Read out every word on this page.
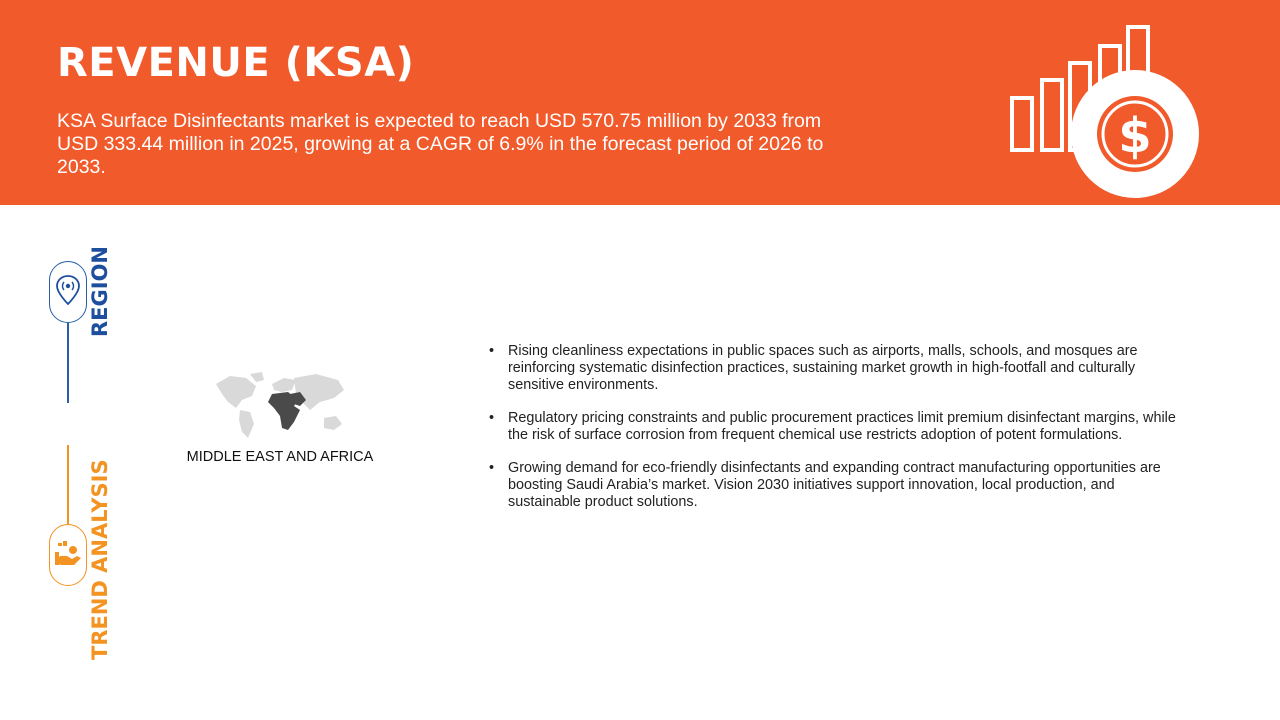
REVENUE (KSA)
KSA Surface Disinfectants market is expected to reach USD 570.75 million by 2033 from USD 333.44 million in 2025, growing at a CAGR of 6.9% in the forecast period of 2026 to 2033.
$
REGION
TREND ANALYSIS
MIDDLE EAST AND AFRICA
• Rising cleanliness expectations in public spaces such as airports, malls, schools, and mosques are reinforcing systematic disinfection practices, sustaining market growth in high-footfall and culturally sensitive environments.
• Regulatory pricing constraints and public procurement practices limit premium disinfectant margins, while the risk of surface corrosion from frequent chemical use restricts adoption of potent formulations.
• Growing demand for eco-friendly disinfectants and expanding contract manufacturing opportunities are boosting Saudi Arabia’s market. Vision 2030 initiatives support innovation, local production, and sustainable product solutions.
